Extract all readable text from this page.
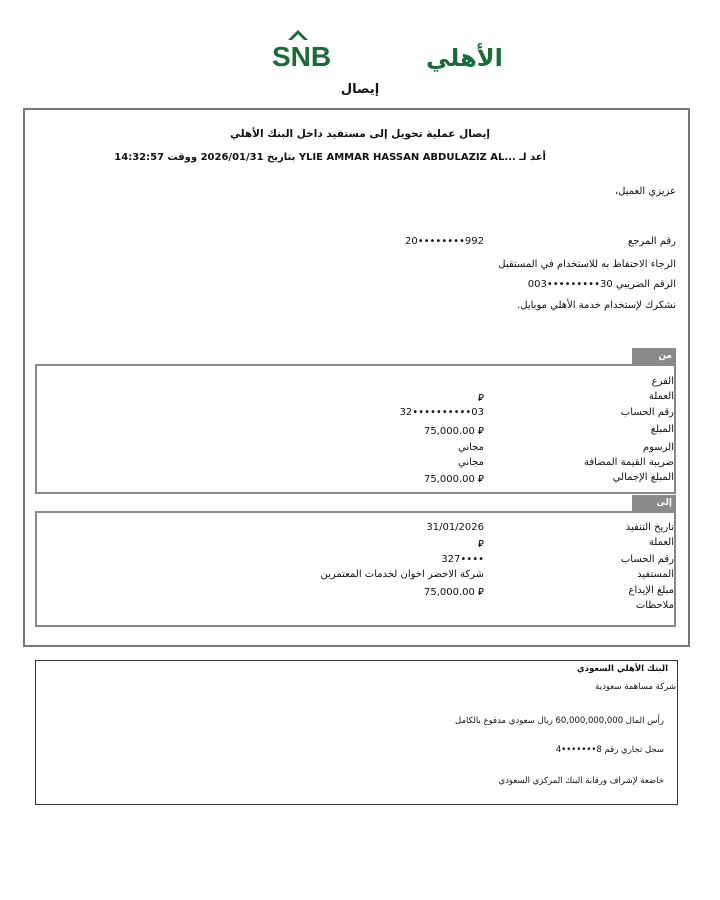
SNB	الأهلي
إيصال
إيصال عملية تحويل إلى مستفيد داخل البنك الأهلي
أعد لـ ...YLIE AMMAR HASSAN ABDULAZIZ AL بتاريخ 2026/01/31 ووقت 14:32:57
عزيزي العميل،
رقم المرجع
20••••••••992
الرجاء الاحتفاظ به للاستخدام في المستقبل
الرقم الضريبي 30•••••••••003
نشكرك لإستخدام خدمة الأهلي موبايل.
من
الفرع
العملة
⃁
رقم الحساب
32••••••••••03
المبلغ
75,000.00 ⃁
الرسوم
مجاني
ضريبة القيمة المضافة
مجاني
المبلغ الإجمالي
75,000.00 ⃁
إلى
تاريخ التنفيذ
31/01/2026
العملة
⃁
رقم الحساب
327••••
المستفيد
شركة الاخضر اخوان لخدمات المعتمرين
مبلغ الإيداع
75,000.00 ⃁
ملاحظات
البنك الأهلي السعودي
شركة مساهمة سعودية
رأس المال 60,000,000,000 ريال سعودي مدفوع بالكامل
سجل تجاري رقم 8•••••••4
خاضعة لإشراف ورقابة البنك المركزي السعودي
